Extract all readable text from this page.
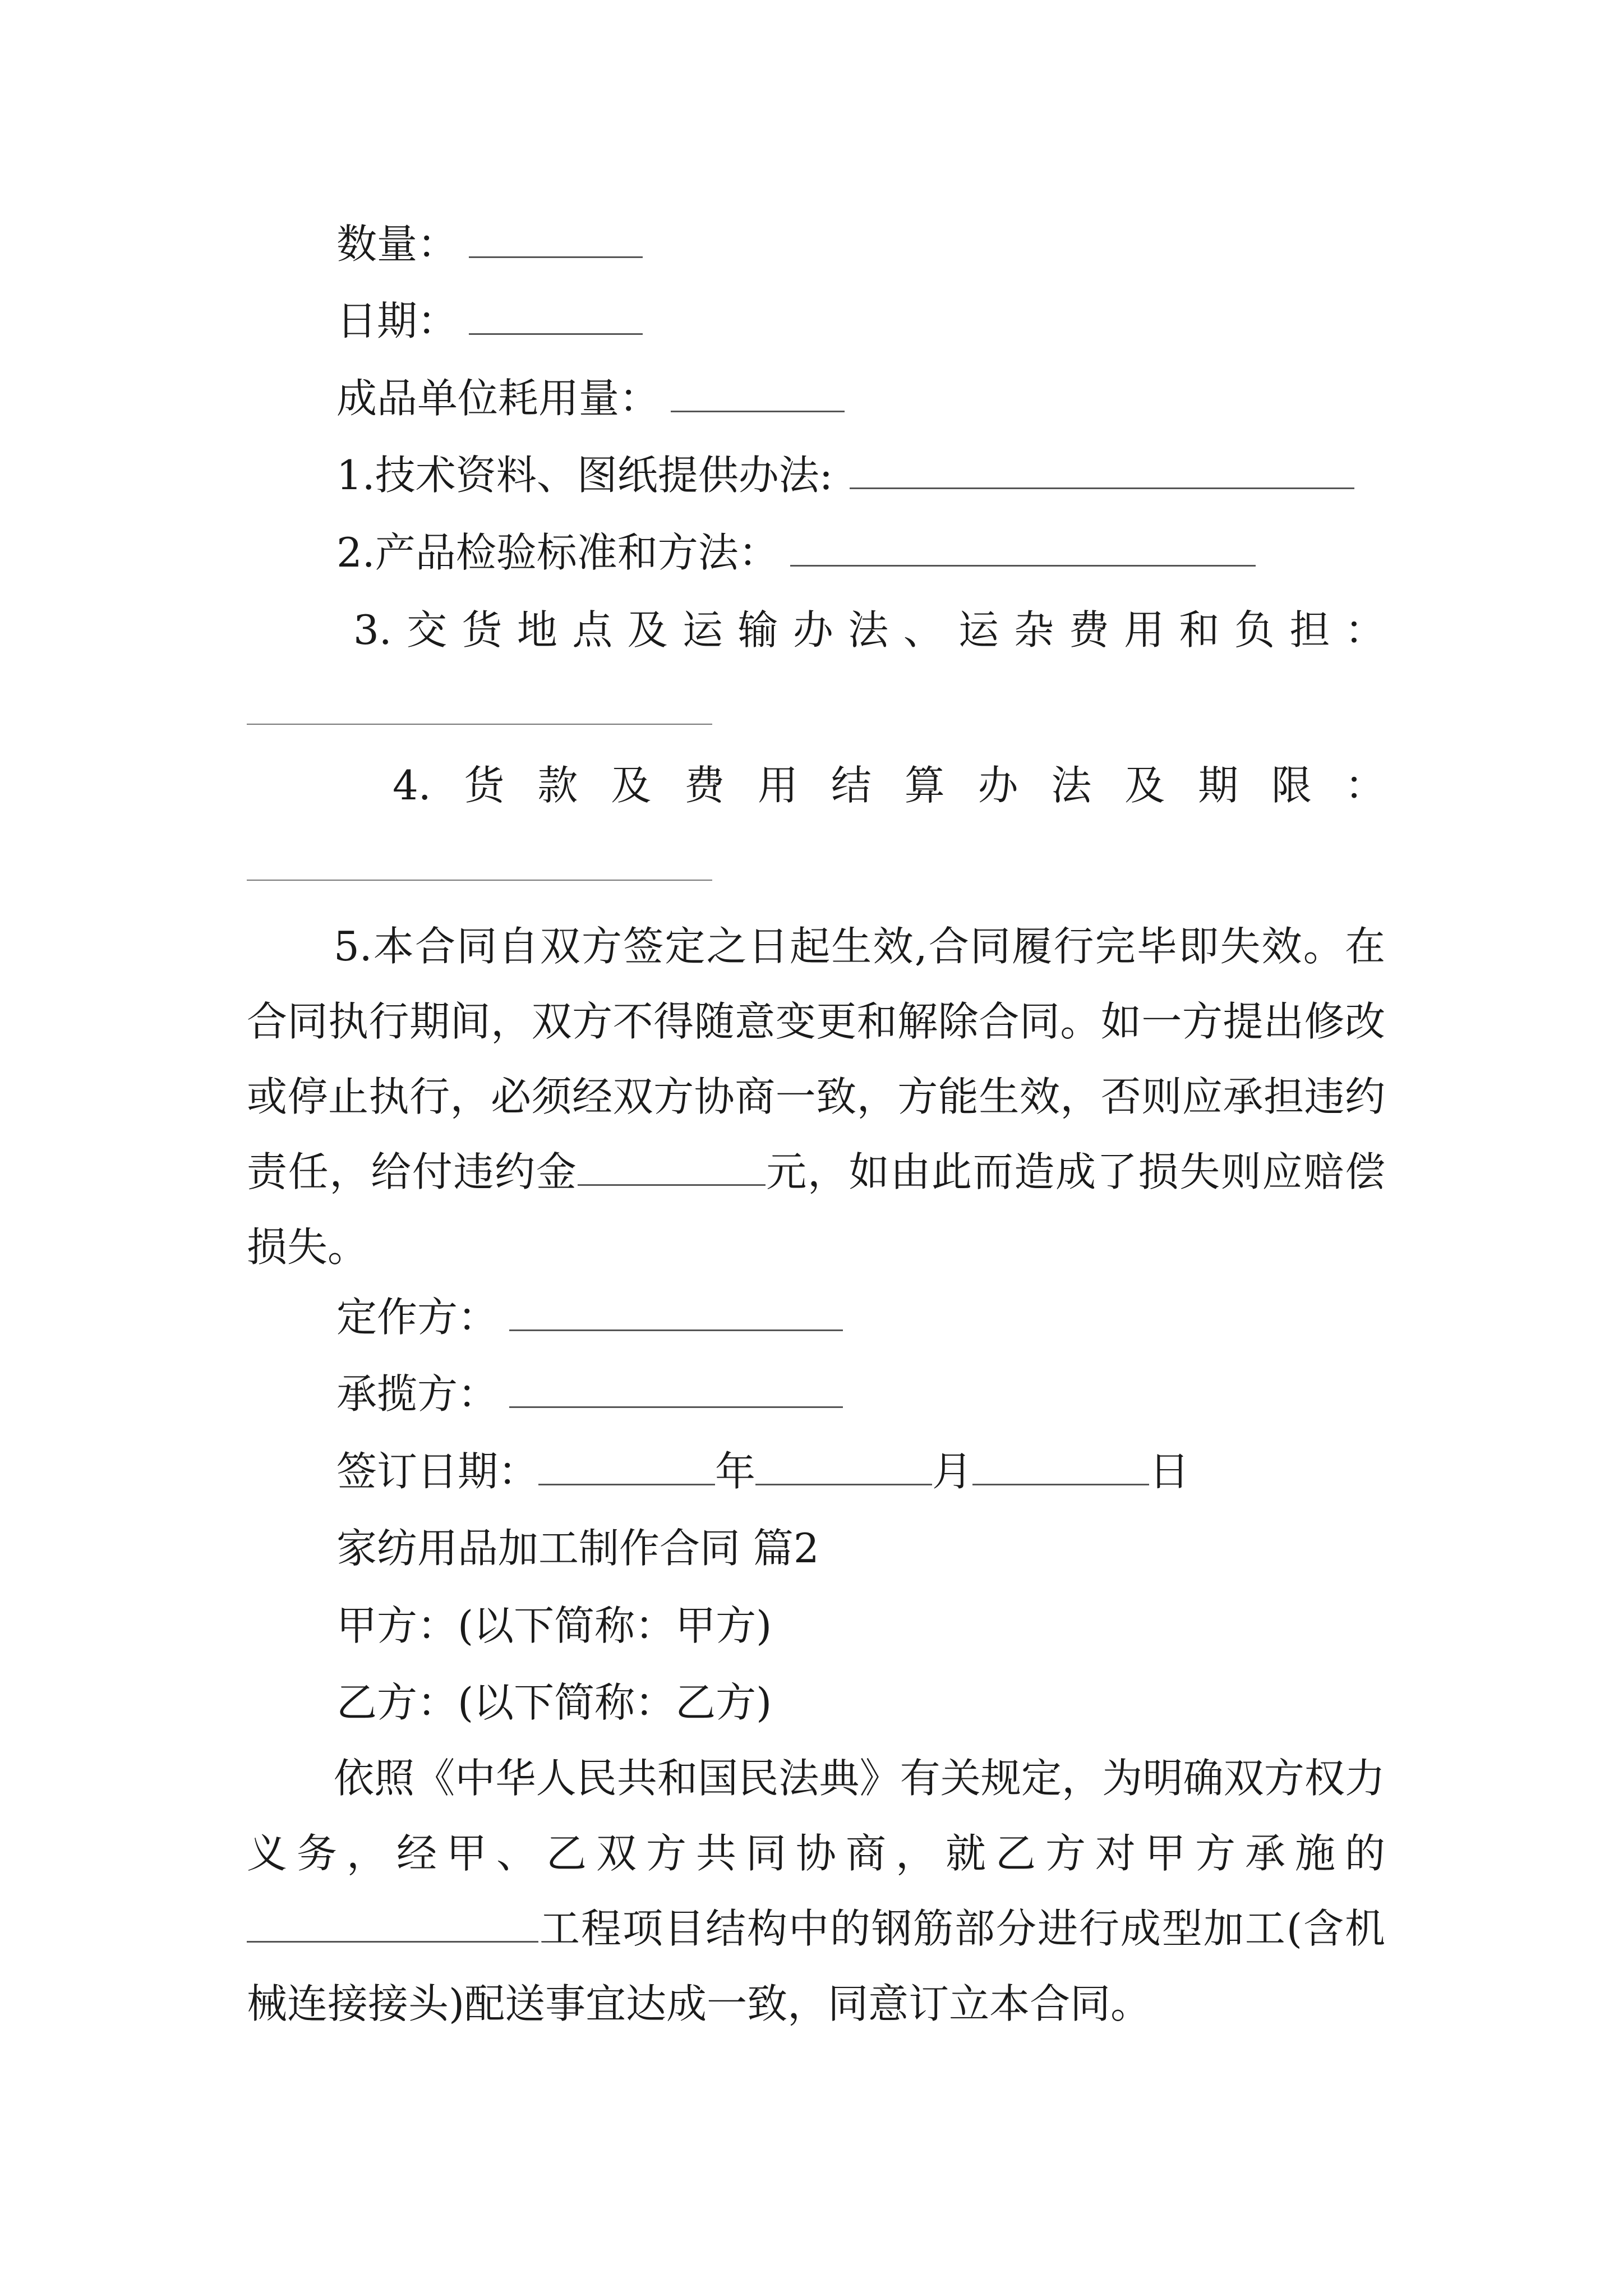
数量：
日期：
成品单位耗用量：
1.技术资料、图纸提供办法:
2.产品检验标准和方法：
3. 交 货 地 点 及 运 输 办 法 、 运 杂 费 用 和 负 担 ：
4. 货 款 及 费 用 结 算 办 法 及 期 限 ：
5.本合同自双方签定之日起生效,合同履行完毕即失效。在合同执行期间，双方不得随意变更和解除合同。如一方提出修改或停止执行，必须经双方协商一致，方能生效，否则应承担违约责任，给付违约金	元，如由此而造成了损失则应赔偿损失。
定作方：
承揽方：
签订日期：	年	月	日
家纺用品加工制作合同 篇2
甲方：(以下简称：甲方)
乙方：(以下简称：乙方)
依照《中华人民共和国民法典》有关规定，为明确双方权力义务，经甲、乙双方共同协商，就乙方对甲方承施的工程项目结构中的钢筋部分进行成型加工(含机械连接接头)配送事宜达成一致，同意订立本合同。
